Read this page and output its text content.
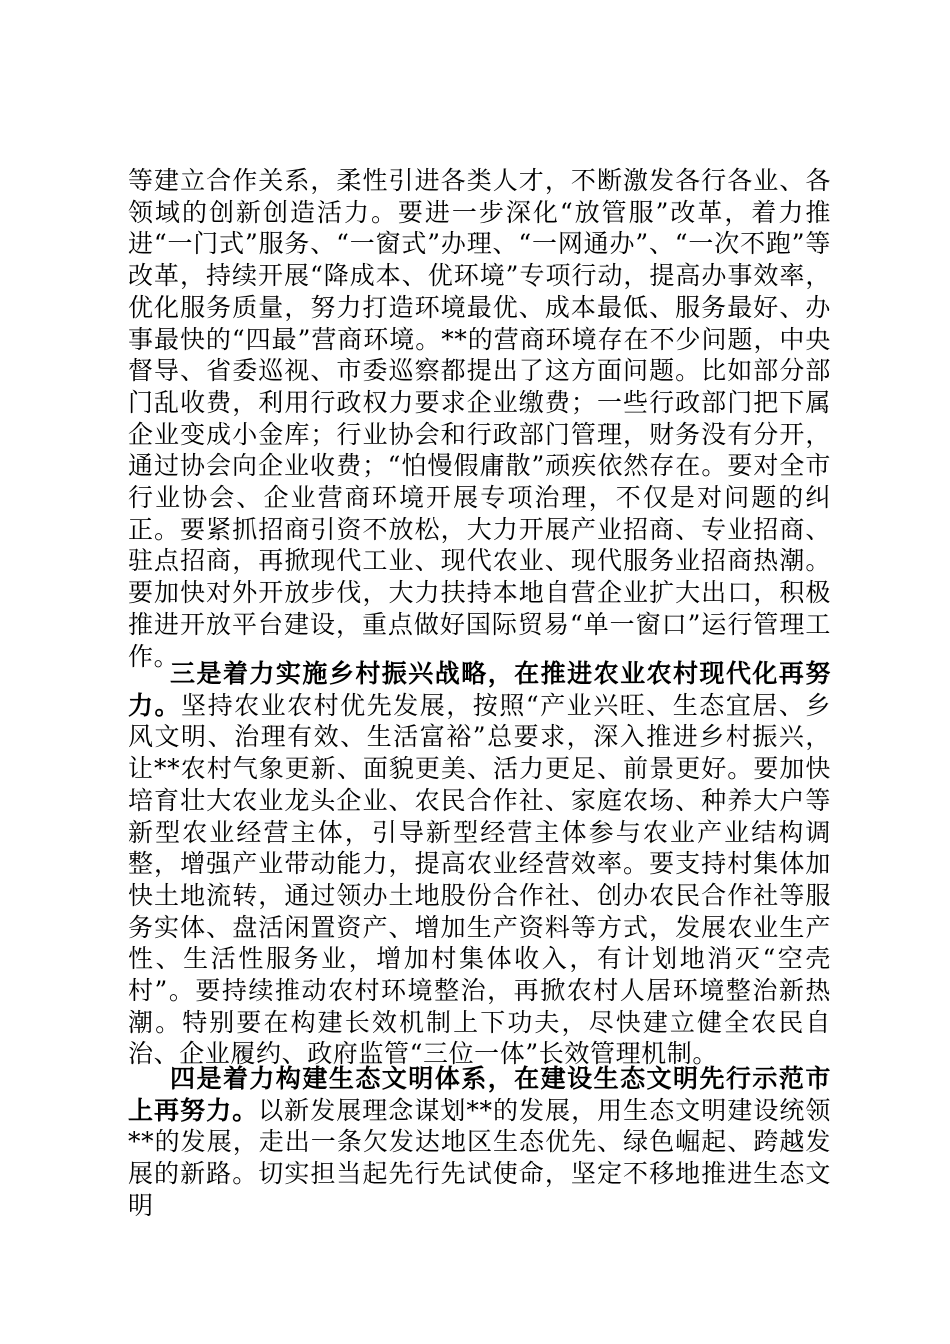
等建立合作关系，柔性引进各类人才，不断激发各行各业、各领域的创新创造活力。要进一步深化“放管服”改革，着力推进“一门式”服务、“一窗式”办理、“一网通办”、“一次不跑”等改革，持续开展“降成本、优环境”专项行动，提高办事效率，优化服务质量，努力打造环境最优、成本最低、服务最好、办事最快的“四最”营商环境。**的营商环境存在不少问题，中央督导、省委巡视、市委巡察都提出了这方面问题。比如部分部门乱收费，利用行政权力要求企业缴费；一些行政部门把下属企业变成小金库；行业协会和行政部门管理，财务没有分开，通过协会向企业收费；“怕慢假庸散”顽疾依然存在。要对全市行业协会、企业营商环境开展专项治理，不仅是对问题的纠正。要紧抓招商引资不放松，大力开展产业招商、专业招商、驻点招商，再掀现代工业、现代农业、现代服务业招商热潮。要加快对外开放步伐，大力扶持本地自营企业扩大出口，积极推进开放平台建设，重点做好国际贸易“单一窗口”运行管理工作。

三是着力实施乡村振兴战略，在推进农业农村现代化再努力。坚持农业农村优先发展，按照“产业兴旺、生态宜居、乡风文明、治理有效、生活富裕”总要求，深入推进乡村振兴，让**农村气象更新、面貌更美、活力更足、前景更好。要加快培育壮大农业龙头企业、农民合作社、家庭农场、种养大户等新型农业经营主体，引导新型经营主体参与农业产业结构调整，增强产业带动能力，提高农业经营效率。要支持村集体加快土地流转，通过领办土地股份合作社、创办农民合作社等服务实体、盘活闲置资产、增加生产资料等方式，发展农业生产性、生活性服务业，增加村集体收入，有计划地消灭“空壳村”。要持续推动农村环境整治，再掀农村人居环境整治新热潮。特别要在构建长效机制上下功夫，尽快建立健全农民自治、企业履约、政府监管“三位一体”长效管理机制。

四是着力构建生态文明体系，在建设生态文明先行示范市上再努力。以新发展理念谋划**的发展，用生态文明建设统领**的发展，走出一条欠发达地区生态优先、绿色崛起、跨越发展的新路。切实担当起先行先试使命，坚定不移地推进生态文明
